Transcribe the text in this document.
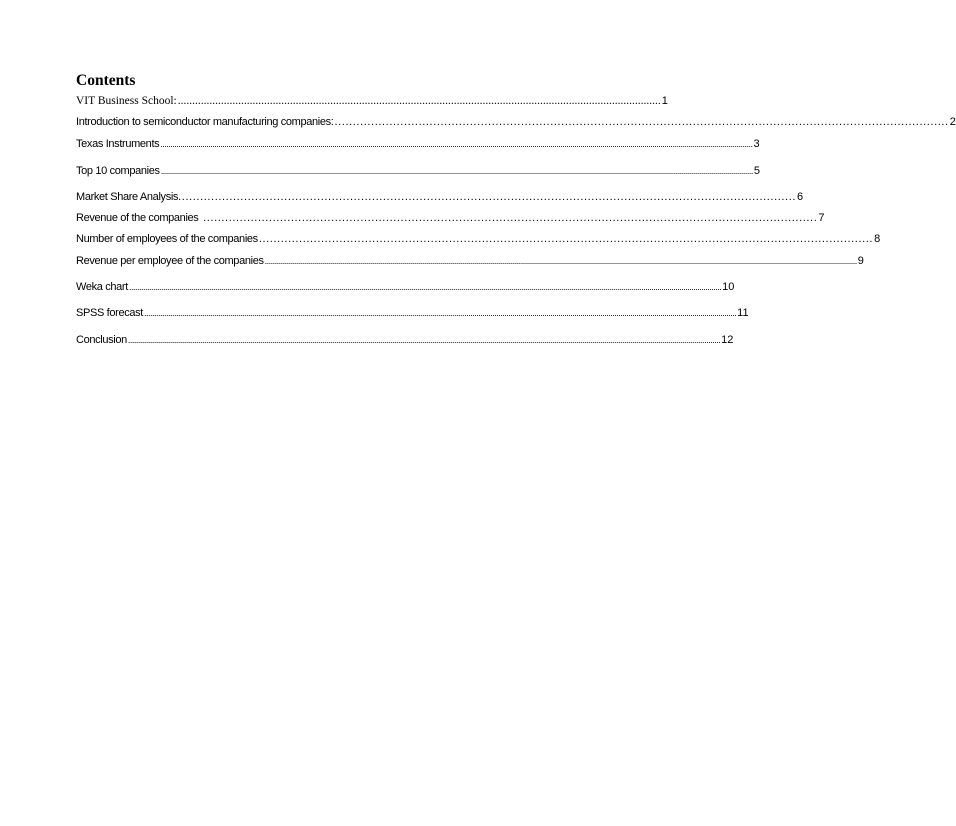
Contents
VIT Business School: ........................................................................................................................................................................ 1
Introduction to semiconductor manufacturing companies: ........................................................................................................................................................................ 2
Texas Instruments ........................................................................................................................................................................................................................................................................................................ 3
Top 10 companies ........................................................................................................................................................................................................................................................................................................ 5
Market Share Analysis. ........................................................................................................................................................................ 6
Revenue of the companies ........................................................................................................................................................................ 7
Number of employees of the companies ........................................................................................................................................................................ 8
Revenue per employee of the companies ........................................................................................................................................................................................................................................................................................................ 9
Weka chart ........................................................................................................................................................................................................................................................................................................ 10
SPSS forecast ........................................................................................................................................................................................................................................................................................................ 11
Conclusion ........................................................................................................................................................................................................................................................................................................ 12
